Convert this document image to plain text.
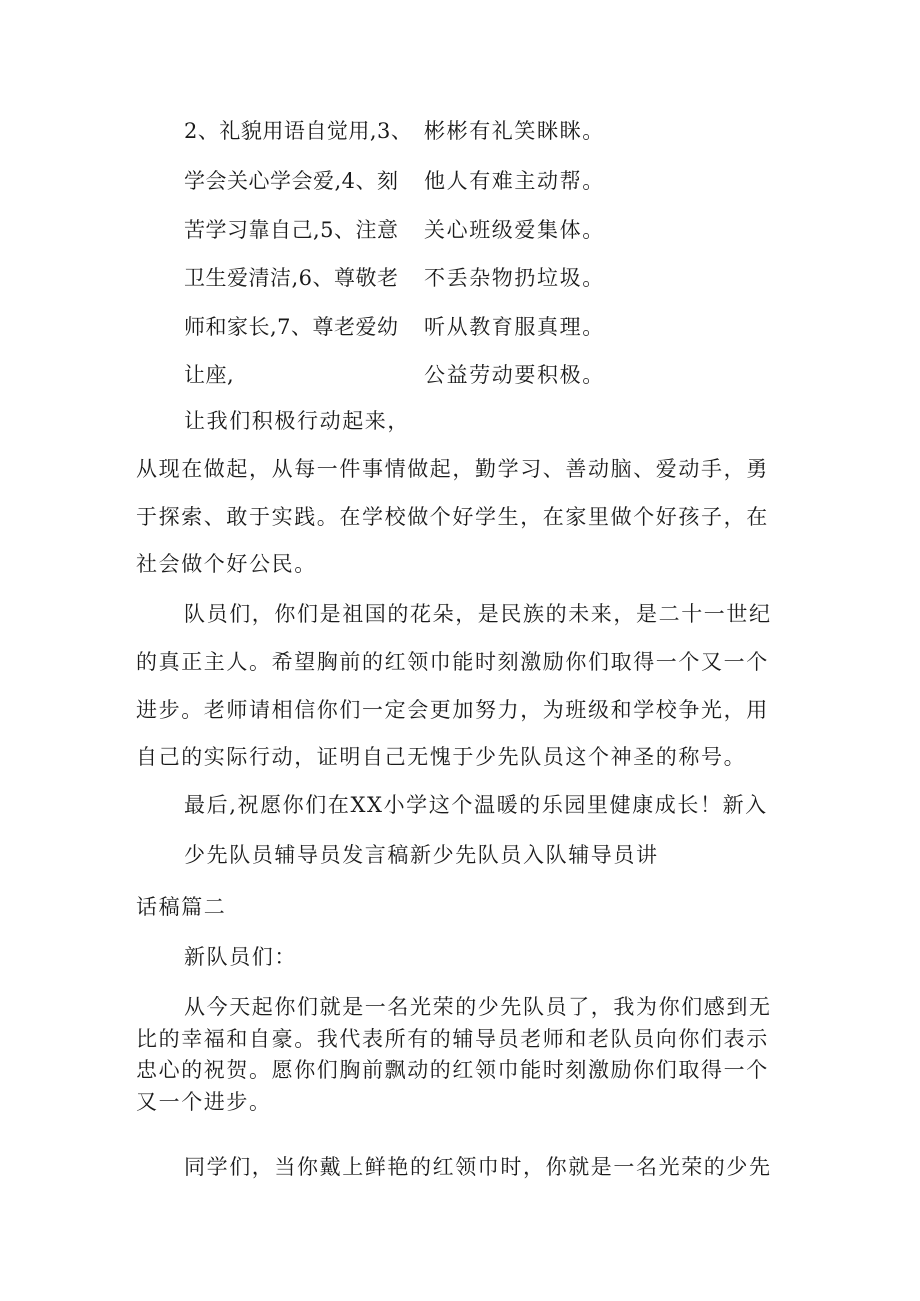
2、礼貌用语自觉用,3、 彬彬有礼笑眯眯。
学会关心学会爱,4、刻 他人有难主动帮。
苦学习靠自己,5、注意 关心班级爱集体。
卫生爱清洁,6、尊敬老 不丢杂物扔垃圾。
师和家长,7、尊老爱幼 听从教育服真理。
让座,	公益劳动要积极。
让我们积极行动起来，
从现在做起，从每一件事情做起，勤学习、善动脑、爱动手，勇
于探索、敢于实践。在学校做个好学生，在家里做个好孩子，在
社会做个好公民。
队员们，你们是祖国的花朵，是民族的未来，是二十一世纪
的真正主人。希望胸前的红领巾能时刻激励你们取得一个又一个
进步。老师请相信你们一定会更加努力，为班级和学校争光，用
自己的实际行动，证明自己无愧于少先队员这个神圣的称号。
最后,祝愿你们在XX小学这个温暖的乐园里健康成长！新入
少先队员辅导员发言稿新少先队员入队辅导员讲
话稿篇二
新队员们：
从今天起你们就是一名光荣的少先队员了，我为你们感到无
比的幸福和自豪。我代表所有的辅导员老师和老队员向你们表示
忠心的祝贺。愿你们胸前飘动的红领巾能时刻激励你们取得一个
又一个进步。
同学们，当你戴上鲜艳的红领巾时，你就是一名光荣的少先
